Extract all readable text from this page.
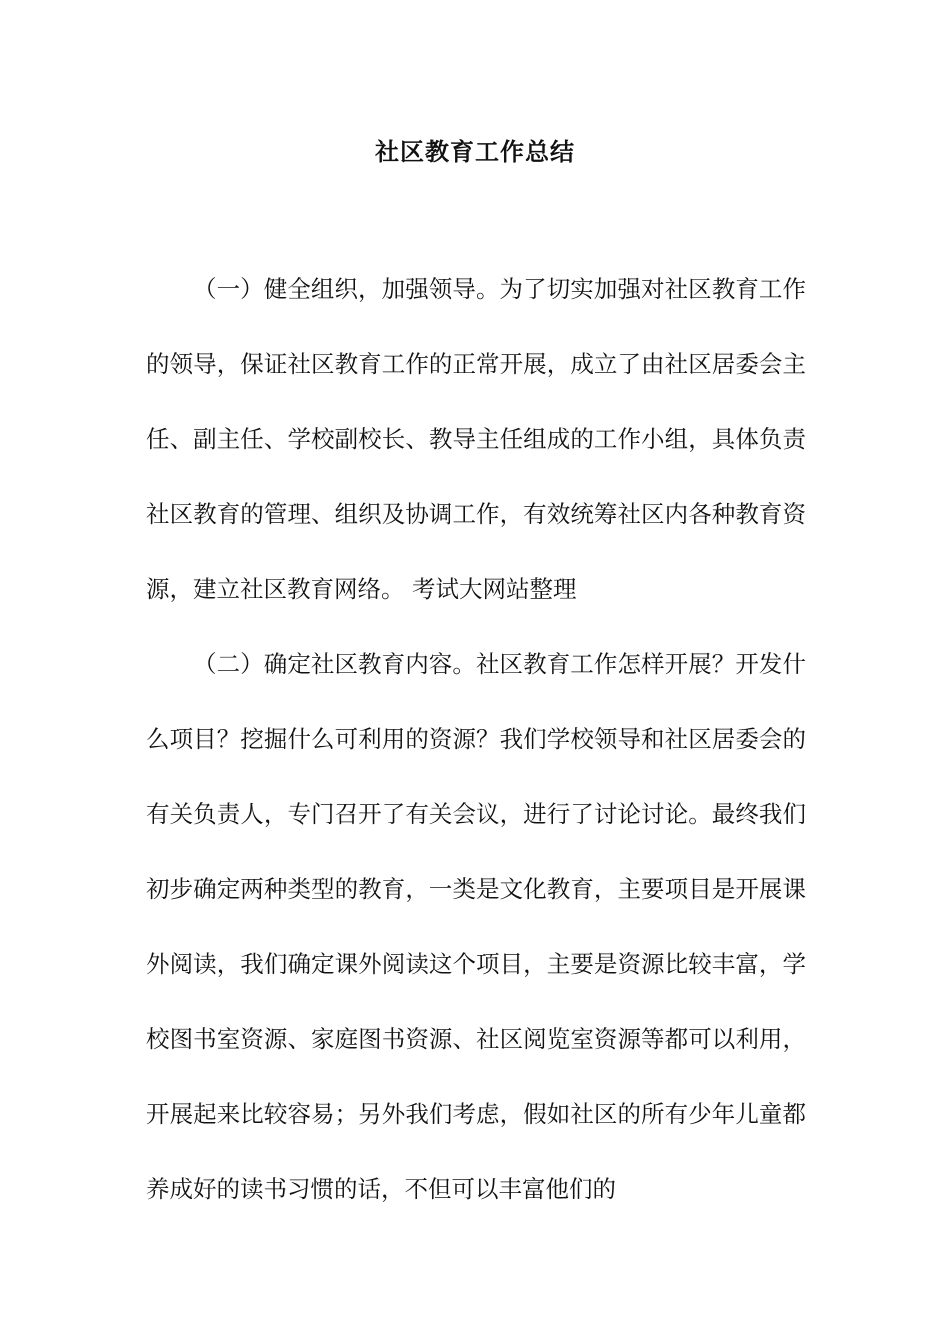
社区教育工作总结

（一）健全组织，加强领导。为了切实加强对社区教育工作的领导，保证社区教育工作的正常开展，成立了由社区居委会主任、副主任、学校副校长、教导主任组成的工作小组，具体负责社区教育的管理、组织及协调工作，有效统筹社区内各种教育资源，建立社区教育网络。 考试大网站整理

（二）确定社区教育内容。社区教育工作怎样开展？开发什么项目？挖掘什么可利用的资源？我们学校领导和社区居委会的有关负责人，专门召开了有关会议，进行了讨论讨论。最终我们初步确定两种类型的教育，一类是文化教育，主要项目是开展课外阅读，我们确定课外阅读这个项目，主要是资源比较丰富，学校图书室资源、家庭图书资源、社区阅览室资源等都可以利用，开展起来比较容易；另外我们考虑，假如社区的所有少年儿童都养成好的读书习惯的话，不但可以丰富他们的
